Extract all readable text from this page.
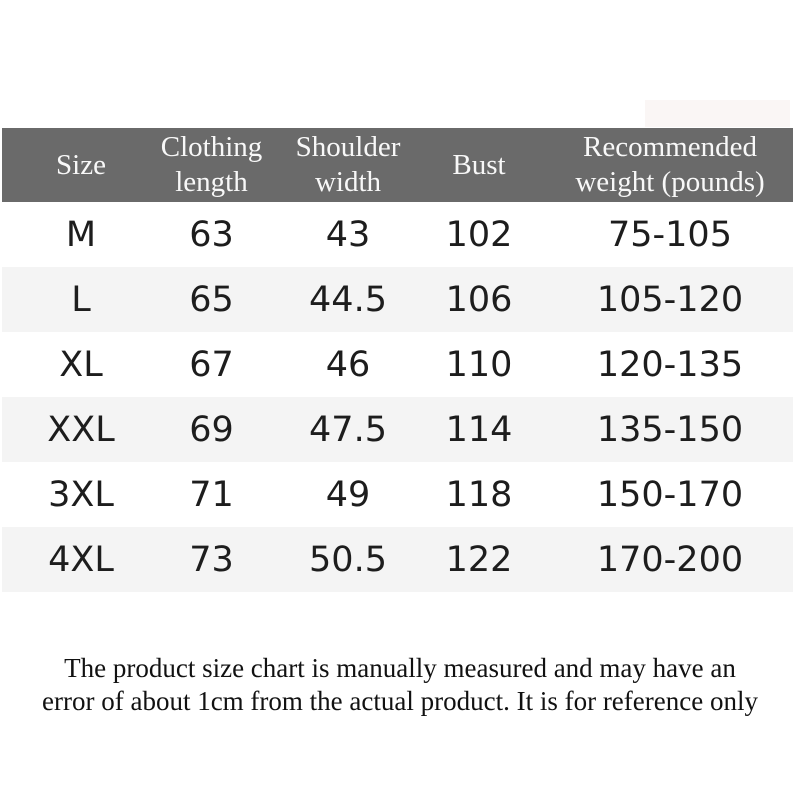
Size	Clothing length	Shoulder width	Bust	Recommended weight (pounds)
M	63	43	102	75-105
L	65	44.5	106	105-120
XL	67	46	110	120-135
XXL	69	47.5	114	135-150
3XL	71	49	118	150-170
4XL	73	50.5	122	170-200
The product size chart is manually measured and may have an
error of about 1cm from the actual product. It is for reference only
